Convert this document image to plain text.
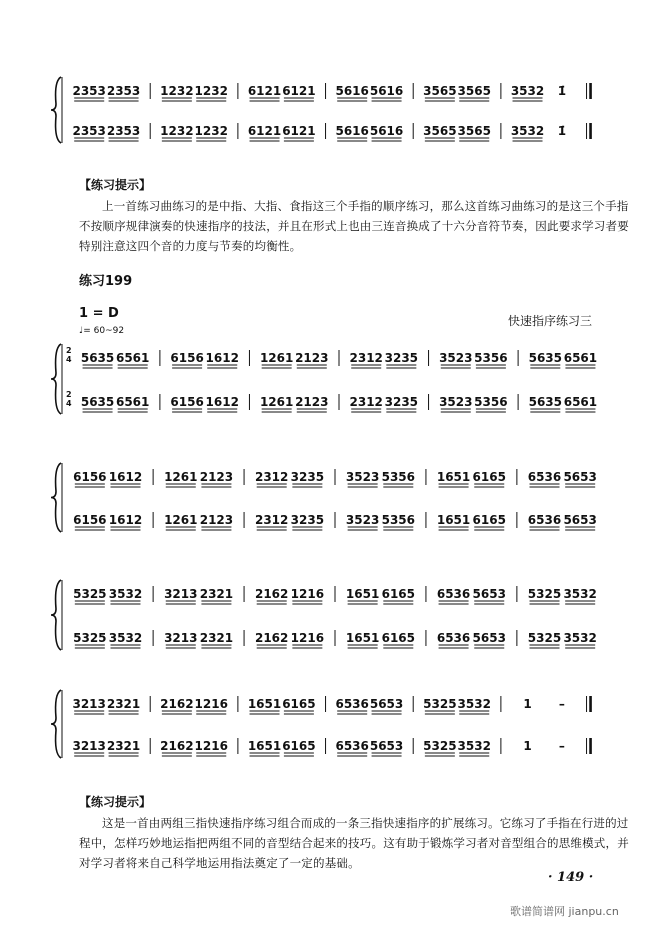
2353 2353 1232 1232 6121 6121 5616 5616 3565 3565 3532 1̇
2353 2353 1232 1232 6121 6121 5616 5616 3565 3565 3532 1̇
2
4
2
4
5635 6561 6156 1612 1261 2123 2312 3235 3523 5356 5635 6561
5635 6561 6156 1612 1261 2123 2312 3235 3523 5356 5635 6561
6156 1612 1261 2123 2312 3235 3523 5356 1651 6165 6536 5653
6156 1612 1261 2123 2312 3235 3523 5356 1651 6165 6536 5653
5325 3532 3213 2321 2162 1216 1651 6165 6536 5653 5325 3532
5325 3532 3213 2321 2162 1216 1651 6165 6536 5653 5325 3532
3213 2321 2162 1216 1651 6165 6536 5653 5325 3532	1 –
3213 2321 2162 1216 1651 6165 6536 5653 5325 3532	1 –
【练习提示】
上一首练习曲练习的是中指、大指、食指这三个手指的顺序练习，那么这首练习曲练习的是这三个手指不按顺序规律演奏的快速指序的技法，并且在形式上也由三连音换成了十六分音符节奏，因此要求学习者要特别注意这四个音的力度与节奏的均衡性。
练习199
1 = D
♩= 60~92
快速指序练习三
【练习提示】
这是一首由两组三指快速指序练习组合而成的一条三指快速指序的扩展练习。它练习了手指在行进的过程中，怎样巧妙地运指把两组不同的音型结合起来的技巧。这有助于锻炼学习者对音型组合的思维模式，并对学习者将来自己科学地运用指法奠定了一定的基础。
· 149 ·
歌谱简谱网 jianpu.cn
